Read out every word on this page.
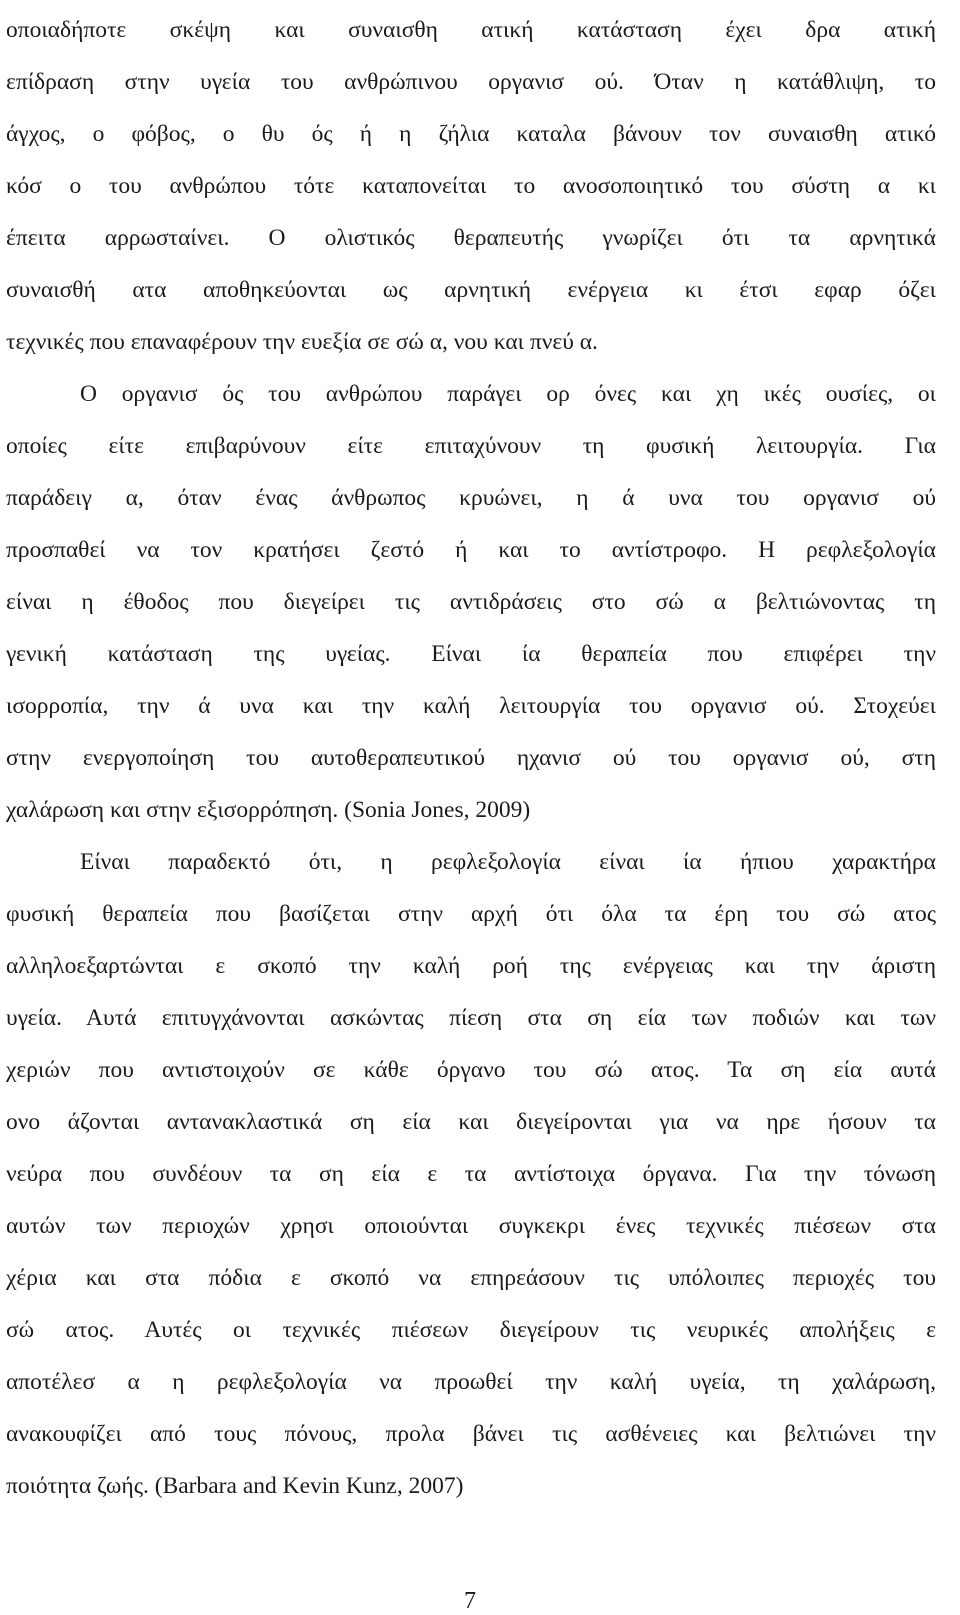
οποιαδήποτε σκέψη και συναισθη ατική κατάσταση έχει δρα ατική
επίδραση στην υγεία του ανθρώπινου οργανισ ού. Όταν η κατάθλιψη, το
άγχος, ο φόβος, ο θυ ός ή η ζήλια καταλα βάνουν τον συναισθη ατικό
κόσ ο του ανθρώπου τότε καταπονείται το ανοσοποιητικό του σύστη α κι
έπειτα αρρωσταίνει. Ο ολιστικός θεραπευτής γνωρίζει ότι τα αρνητικά
συναισθή ατα αποθηκεύονται ως αρνητική ενέργεια κι έτσι εφαρ όζει
τεχνικές που επαναφέρουν την ευεξία σε σώ α, νου και πνεύ α.
Ο οργανισ ός του ανθρώπου παράγει ορ όνες και χη ικές ουσίες, οι
οποίες είτε επιβαρύνουν είτε επιταχύνουν τη φυσική λειτουργία. Για
παράδειγ α, όταν ένας άνθρωπος κρυώνει, η ά υνα του οργανισ ού
προσπαθεί να τον κρατήσει ζεστό ή και το αντίστροφο. Η ρεφλεξολογία
είναι η έθοδος που διεγείρει τις αντιδράσεις στο σώ α βελτιώνοντας τη
γενική κατάσταση της υγείας. Είναι ία θεραπεία που επιφέρει την
ισορροπία, την ά υνα και την καλή λειτουργία του οργανισ ού. Στοχεύει
στην ενεργοποίηση του αυτοθεραπευτικού ηχανισ ού του οργανισ ού, στη
χαλάρωση και στην εξισορρόπηση. (Sonia Jones, 2009)
Είναι παραδεκτό ότι, η ρεφλεξολογία είναι ία ήπιου χαρακτήρα
φυσική θεραπεία που βασίζεται στην αρχή ότι όλα τα έρη του σώ ατος
αλληλοεξαρτώνται ε σκοπό την καλή ροή της ενέργειας και την άριστη
υγεία. Αυτά επιτυγχάνονται ασκώντας πίεση στα ση εία των ποδιών και των
χεριών που αντιστοιχούν σε κάθε όργανο του σώ ατος. Τα ση εία αυτά
ονο άζονται αντανακλαστικά ση εία και διεγείρονται για να ηρε ήσουν τα
νεύρα που συνδέουν τα ση εία ε τα αντίστοιχα όργανα. Για την τόνωση
αυτών των περιοχών χρησι οποιούνται συγκεκρι ένες τεχνικές πιέσεων στα
χέρια και στα πόδια ε σκοπό να επηρεάσουν τις υπόλοιπες περιοχές του
σώ ατος. Αυτές οι τεχνικές πιέσεων διεγείρουν τις νευρικές απολήξεις ε
αποτέλεσ α η ρεφλεξολογία να προωθεί την καλή υγεία, τη χαλάρωση,
ανακουφίζει από τους πόνους, προλα βάνει τις ασθένειες και βελτιώνει την
ποιότητα ζωής. (Barbara and Kevin Kunz, 2007)
7
